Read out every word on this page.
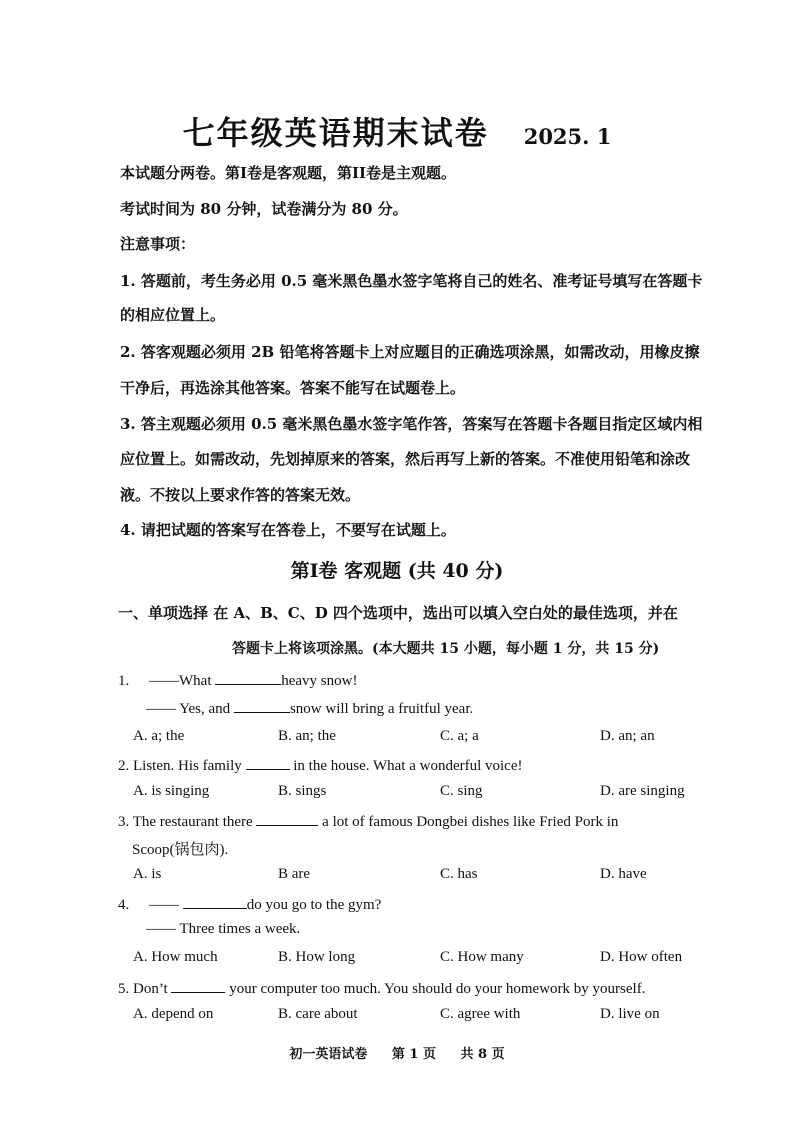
七年级英语期末试卷 2025. 1
本试题分两卷。第I卷是客观题，第II卷是主观题。
考试时间为 80 分钟，试卷满分为 80 分。
注意事项：
1. 答题前，考生务必用 0.5 毫米黑色墨水签字笔将自己的姓名、准考证号填写在答题卡
的相应位置上。
2. 答客观题必须用 2B 铅笔将答题卡上对应题目的正确选项涂黑，如需改动，用橡皮擦
干净后，再选涂其他答案。答案不能写在试题卷上。
3. 答主观题必须用 0.5 毫米黑色墨水签字笔作答，答案写在答题卡各题目指定区域内相
应位置上。如需改动，先划掉原来的答案，然后再写上新的答案。不准使用铅笔和涂改
液。不按以上要求作答的答案无效。
4. 请把试题的答案写在答卷上，不要写在试题上。
第I卷 客观题 (共 40 分)
一、单项选择 在 A、B、C、D 四个选项中，选出可以填入空白处的最佳选项，并在
答题卡上将该项涂黑。(本大题共 15 小题，每小题 1 分，共 15 分)
1. ——What	heavy snow!
—— Yes, and	snow will bring a fruitful year.
A. a; the	B. an; the	C. a; a	D. an; an
2. Listen. His family	in the house. What a wonderful voice!
A. is singing	B. sings	C. sing	D. are singing
3. The restaurant there	a lot of famous Dongbei dishes like Fried Pork in
Scoop(锅包肉).
A. is	B are	C. has	D. have
4. ——	do you go to the gym?
—— Three times a week.
A. How much	B. How long	C. How many	D. How often
5. Don’t	your computer too much. You should do your homework by yourself.
A. depend on	B. care about	C. agree with	D. live on
初一英语试卷 第 1 页 共 8 页
